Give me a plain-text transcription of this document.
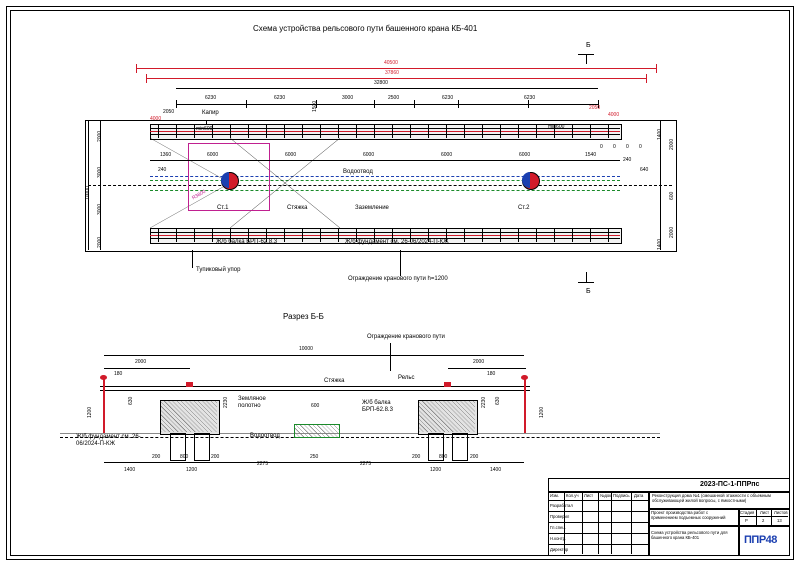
Схема устройства рельсового пути башенного крана КБ-401
Б
Б
40500
37860
32800
6230	6230	3000	2500	6230	6230
2050
4000
2050
4000
Капир
Ст.1
R3800
Ст.2
min600	min600
Водоотвод
Стяжка	Заземление
6000	6000	6000	6000	6000
1360	1540
240
240
640
1500
2000
3000
3000
2000
10000
1400
1400
2000
2000
600
0 0 0 0
Ж/б балка БРП-62.8.3	Ж/б фундамент см. 26-06/2024-П-КЖ
Тупиковый упор
Ограждение кранового пути h=1200
Разрез Б-Б
Ограждение кранового пути
Стяжка	Рельс
Земляное полотно	Ж/б балка БРП-62.8.3
Водоотвод
Ж/б фундамент см. 26-06/2024-П-КЖ
10000
2000	2000
1200	1200
630	630
180	180
2230	2230
600
200	800	200
2275
250
2275
1200	1200
200	800	200
1400	1400
2023-ПС-1-ППРпс
Реконструкция дома №1 (смешанной этажности с объемным обслуживающей жилой вопросы, с ёмкостными)
Изм. Кол.уч Лист №док Подпись Дата
Разработал
Проверил
Гл.спец.
Н.контр.
Директор
Проект производства работ с применением подъемных сооружений
Стадия Лист Листов
Р	2	13
Схема устройства рельсового пути для башенного крана КБ-401	ППР48
